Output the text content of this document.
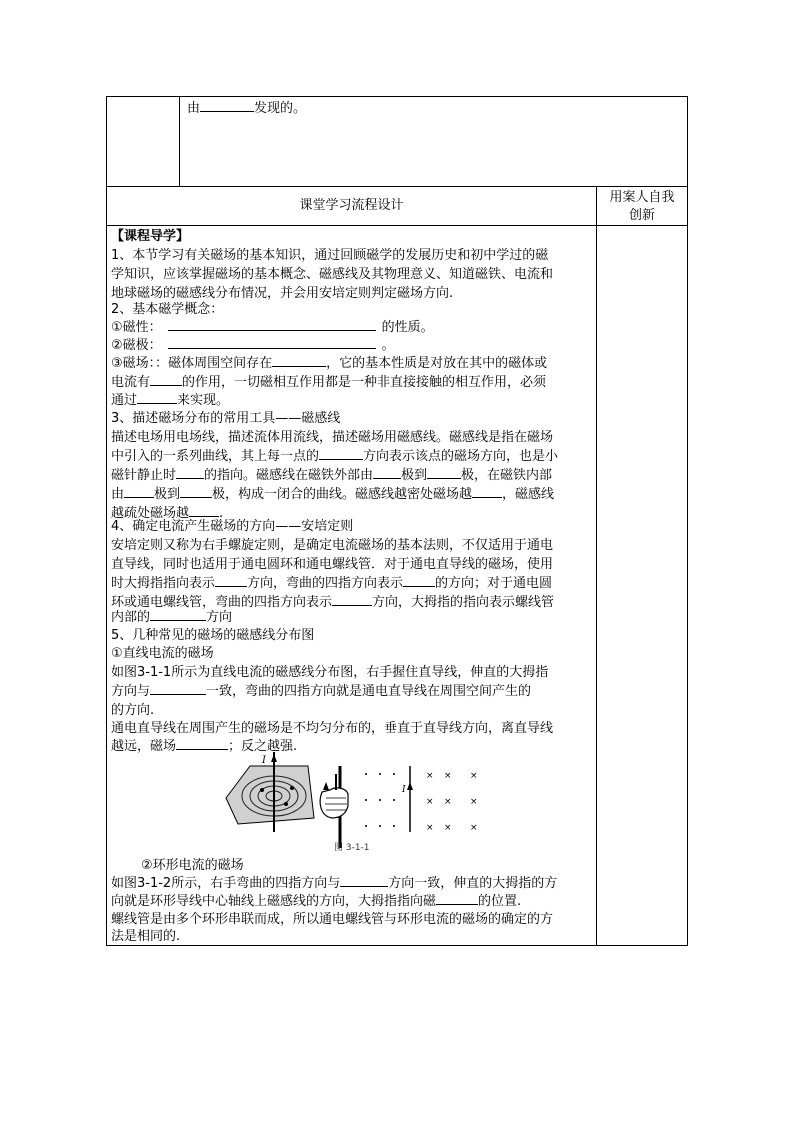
由	发现的。
课堂学习流程设计
用案人自我
创新
【课程导学】
1、本节学习有关磁场的基本知识，通过回顾磁学的发展历史和初中学过的磁
学知识，应该掌握磁场的基本概念、磁感线及其物理意义、知道磁铁、电流和
地球磁场的磁感线分布情况，并会用安培定则判定磁场方向.
2、基本磁学概念：
①磁性：	的性质。
②磁极：	。
③磁场：：磁体周围空间存在	，它的基本性质是对放在其中的磁体或
电流有 的作用，一切磁相互作用都是一种非直接接触的相互作用，必须
通过	来实现。
3、描述磁场分布的常用工具——磁感线
描述电场用电场线，描述流体用流线，描述磁场用磁感线。磁感线是指在磁场
中引入的一系列曲线，其上每一点的	方向表示该点的磁场方向，也是小
磁针静止时 的指向。磁感线在磁铁外部由 极到	极，在磁铁内部
由 极到 极，构成一闭合的曲线。磁感线越密处磁场越 ，磁感线
越疏处磁场越 .
4、确定电流产生磁场的方向——安培定则
安培定则又称为右手螺旋定则，是确定电流磁场的基本法则，不仅适用于通电
直导线，同时也适用于通电圆环和通电螺线管．对于通电直导线的磁场，使用
时大拇指指向表示 方向，弯曲的四指方向表示 的方向；对于通电圆
环或通电螺线管，弯曲的四指方向表示	方向，大拇指的指向表示螺线管
内部的	方向
5、几种常见的磁场的磁感线分布图
①直线电流的磁场
如图3-1-1所示为直线电流的磁感线分布图，右手握住直导线，伸直的大拇指
方向与	一致，弯曲的四指方向就是通电直导线在周围空间产生的
的方向.
通电直导线在周围产生的磁场是不均匀分布的，垂直于直导线方向，离直导线
越远，磁场	；反之越强.
I
I
× × ×
× × ×
× × ×
图 3-1-1
②环形电流的磁场
如图3-1-2所示，右手弯曲的四指方向与	方向一致，伸直的大拇指的方
向就是环形导线中心轴线上磁感线的方向，大拇指指向磁	的位置.
螺线管是由多个环形串联而成，所以通电螺线管与环形电流的磁场的确定的方
法是相同的.
